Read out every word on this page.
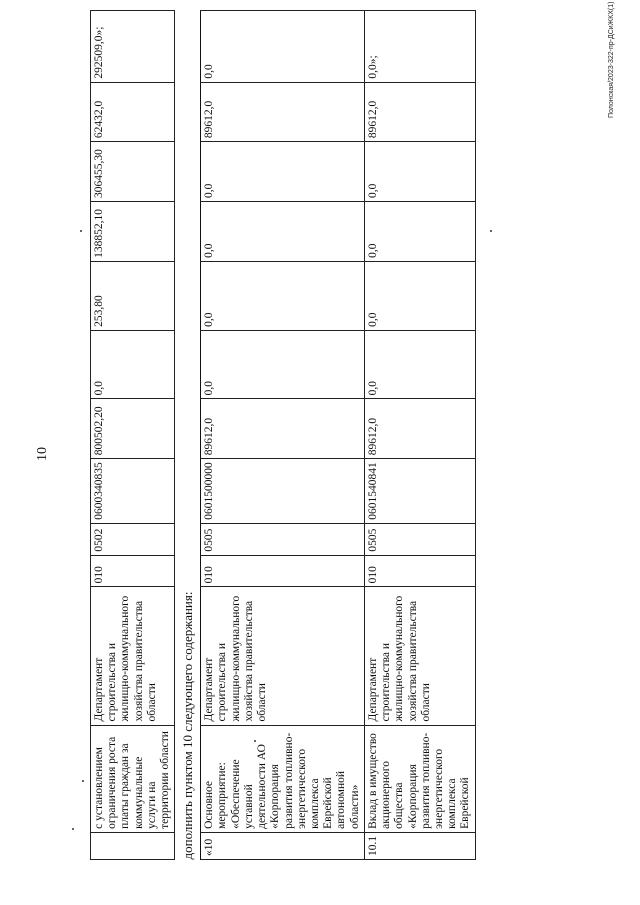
10
Полонская/2023-322-пр-ДСиЖКХ(1)
	с установлением ограничения роста платы граждан за коммунальные услуги на территории области	Департамент строительства и жилищно-коммунального хозяйства правительства области	010	0502	0600340835	800502,20	0,0	253,80	138852,10	306455,30	62432,0	292509,0»;
дополнить пунктом 10 следующего содержания:												
«10	Основное мероприятие: «Обеспечение уставной деятельности АО «Корпорация развития топливно-энергетического комплекса Еврейской автономной области»	Департамент строительства и жилищно-коммунального хозяйства правительства области	010	0505	0601500000	89612,0	0,0	0,0	0,0	0,0	89612,0	0,0
10.1	Вклад в имущество акционерного общества «Корпорация развития топливно-энергетического комплекса Еврейской	Департамент строительства и жилищно-коммунального хозяйства правительства области	010	0505	0601540841	89612,0	0,0	0,0	0,0	0,0	89612,0	0,0»;
